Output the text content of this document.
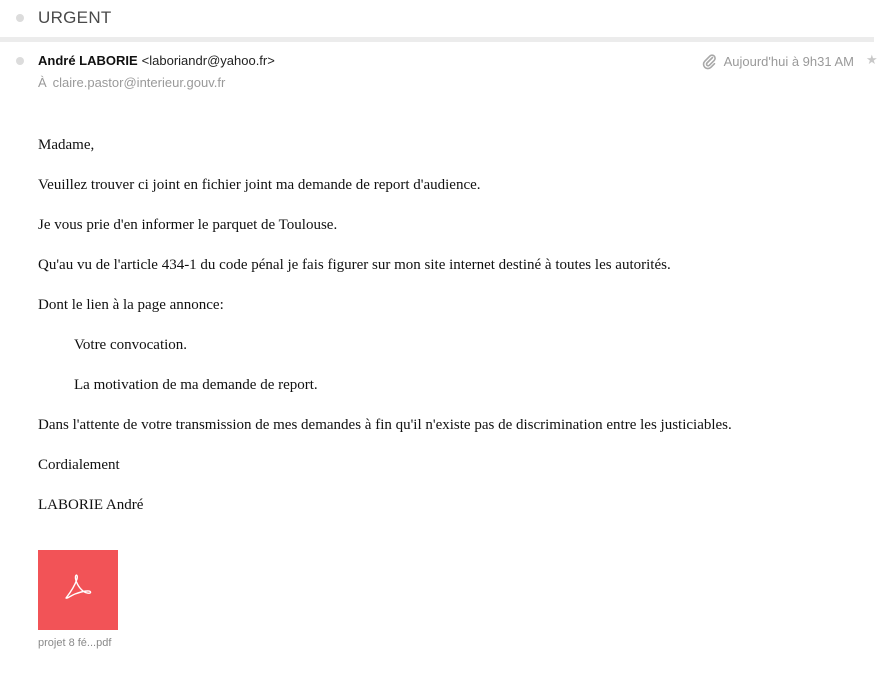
URGENT
André LABORIE <laboriandr@yahoo.fr>
À claire.pastor@interieur.gouv.fr
Aujourd'hui à 9h31 AM ★

Madame,

Veuillez trouver ci joint en fichier joint ma demande de report d'audience.

Je vous prie d'en informer le parquet de Toulouse.

Qu'au vu de l'article 434-1 du code pénal je fais figurer sur mon site internet destiné à toutes les autorités.

Dont le lien à la page annonce:

Votre convocation.

La motivation de ma demande de report.

Dans l'attente de votre transmission de mes demandes à fin qu'il n'existe pas de discrimination entre les justiciables.

Cordialement

LABORIE André

projet 8 fé...pdf
